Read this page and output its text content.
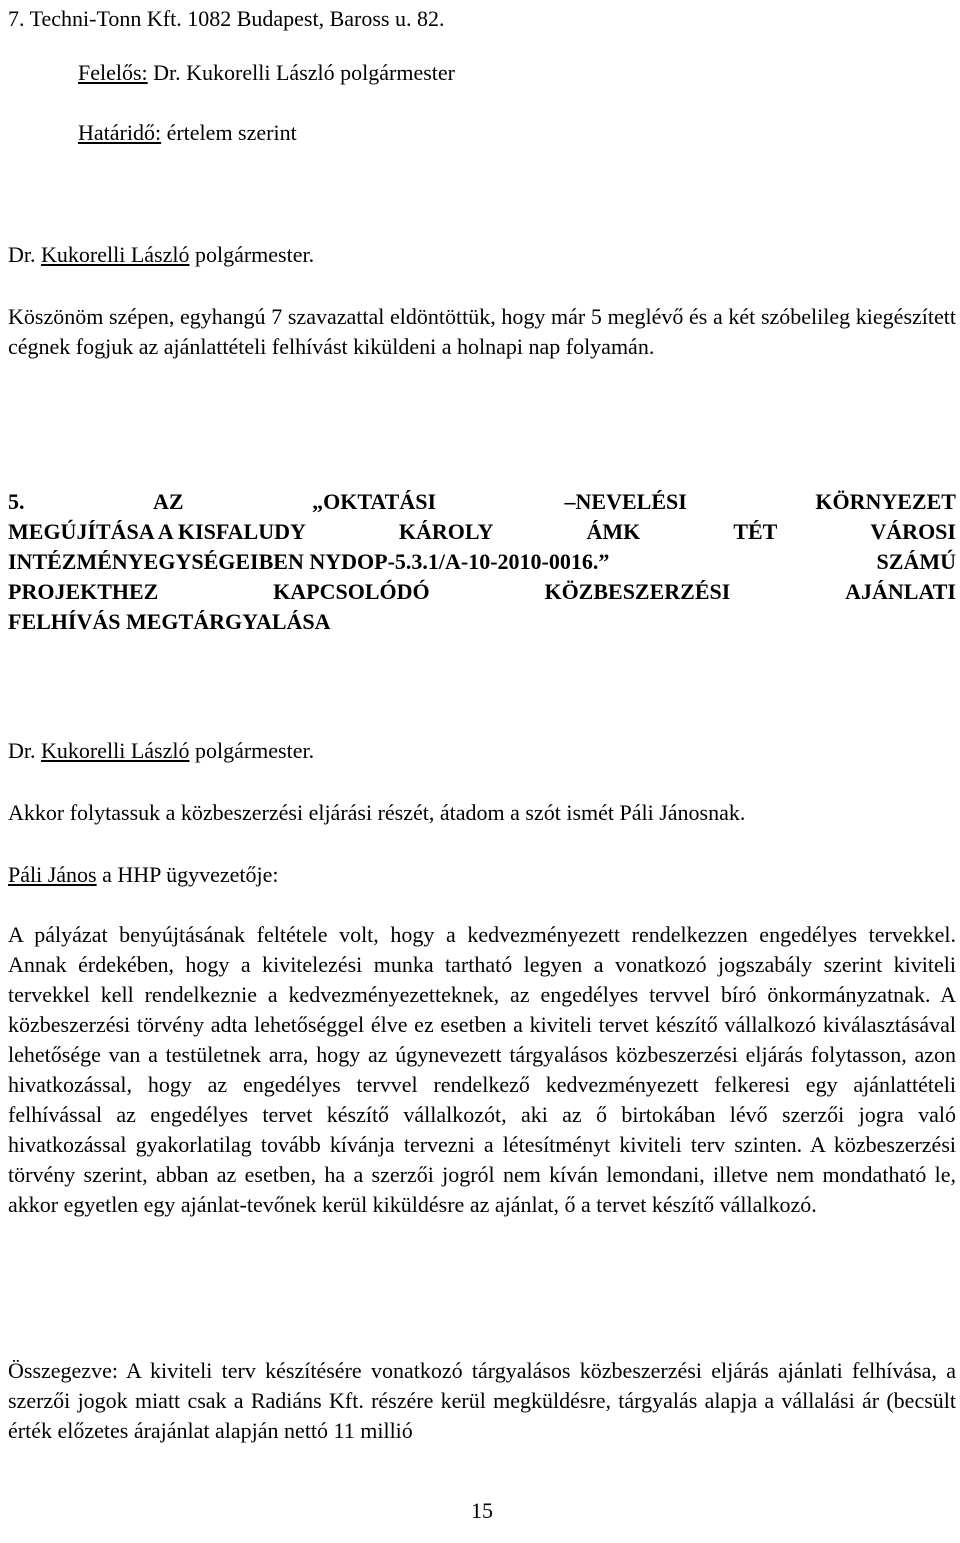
7. Techni-Tonn Kft. 1082 Budapest, Baross u. 82.

Felelős: Dr. Kukorelli László polgármester

Határidő: értelem szerint

Dr. Kukorelli László polgármester.

Köszönöm szépen, egyhangú 7 szavazattal eldöntöttük, hogy már 5 meglévő és a két szóbelileg kiegészített cégnek fogjuk az ajánlattételi felhívást kiküldeni a holnapi nap folyamán.

5.	AZ	„OKTATÁSI	–NEVELÉSI	KÖRNYEZET
MEGÚJÍTÁSA A KISFALUDY	KÁROLY	ÁMK	TÉT	VÁROSI
INTÉZMÉNYEGYSÉGEIBEN NYDOP-5.3.1/A-10-2010-0016.”	SZÁMÚ
PROJEKTHEZ	KAPCSOLÓDÓ	KÖZBESZERZÉSI	AJÁNLATI
FELHÍVÁS MEGTÁRGYALÁSA

Dr. Kukorelli László polgármester.

Akkor folytassuk a közbeszerzési eljárási részét, átadom a szót ismét Páli Jánosnak.

Páli János a HHP ügyvezetője:

A pályázat benyújtásának feltétele volt, hogy a kedvezményezett rendelkezzen engedélyes tervekkel. Annak érdekében, hogy a kivitelezési munka tartható legyen a vonatkozó jogszabály szerint kiviteli tervekkel kell rendelkeznie a kedvezményezetteknek, az engedélyes tervvel bíró önkormányzatnak. A közbeszerzési törvény adta lehetőséggel élve ez esetben a kiviteli tervet készítő vállalkozó kiválasztásával lehetősége van a testületnek arra, hogy az úgynevezett tárgyalásos közbeszerzési eljárás folytasson, azon hivatkozással, hogy az engedélyes tervvel rendelkező kedvezményezett felkeresi egy ajánlattételi felhívással az engedélyes tervet készítő vállalkozót, aki az ő birtokában lévő szerzői jogra való hivatkozással gyakorlatilag tovább kívánja tervezni a létesítményt kiviteli terv szinten. A közbeszerzési törvény szerint, abban az esetben, ha a szerzői jogról nem kíván lemondani, illetve nem mondatható le, akkor egyetlen egy ajánlat-tevőnek kerül kiküldésre az ajánlat, ő a tervet készítő vállalkozó.

Összegezve: A kiviteli terv készítésére vonatkozó tárgyalásos közbeszerzési eljárás ajánlati felhívása, a szerzői jogok miatt csak a Radiáns Kft. részére kerül megküldésre, tárgyalás alapja a vállalási ár (becsült érték előzetes árajánlat alapján nettó 11 millió

15
